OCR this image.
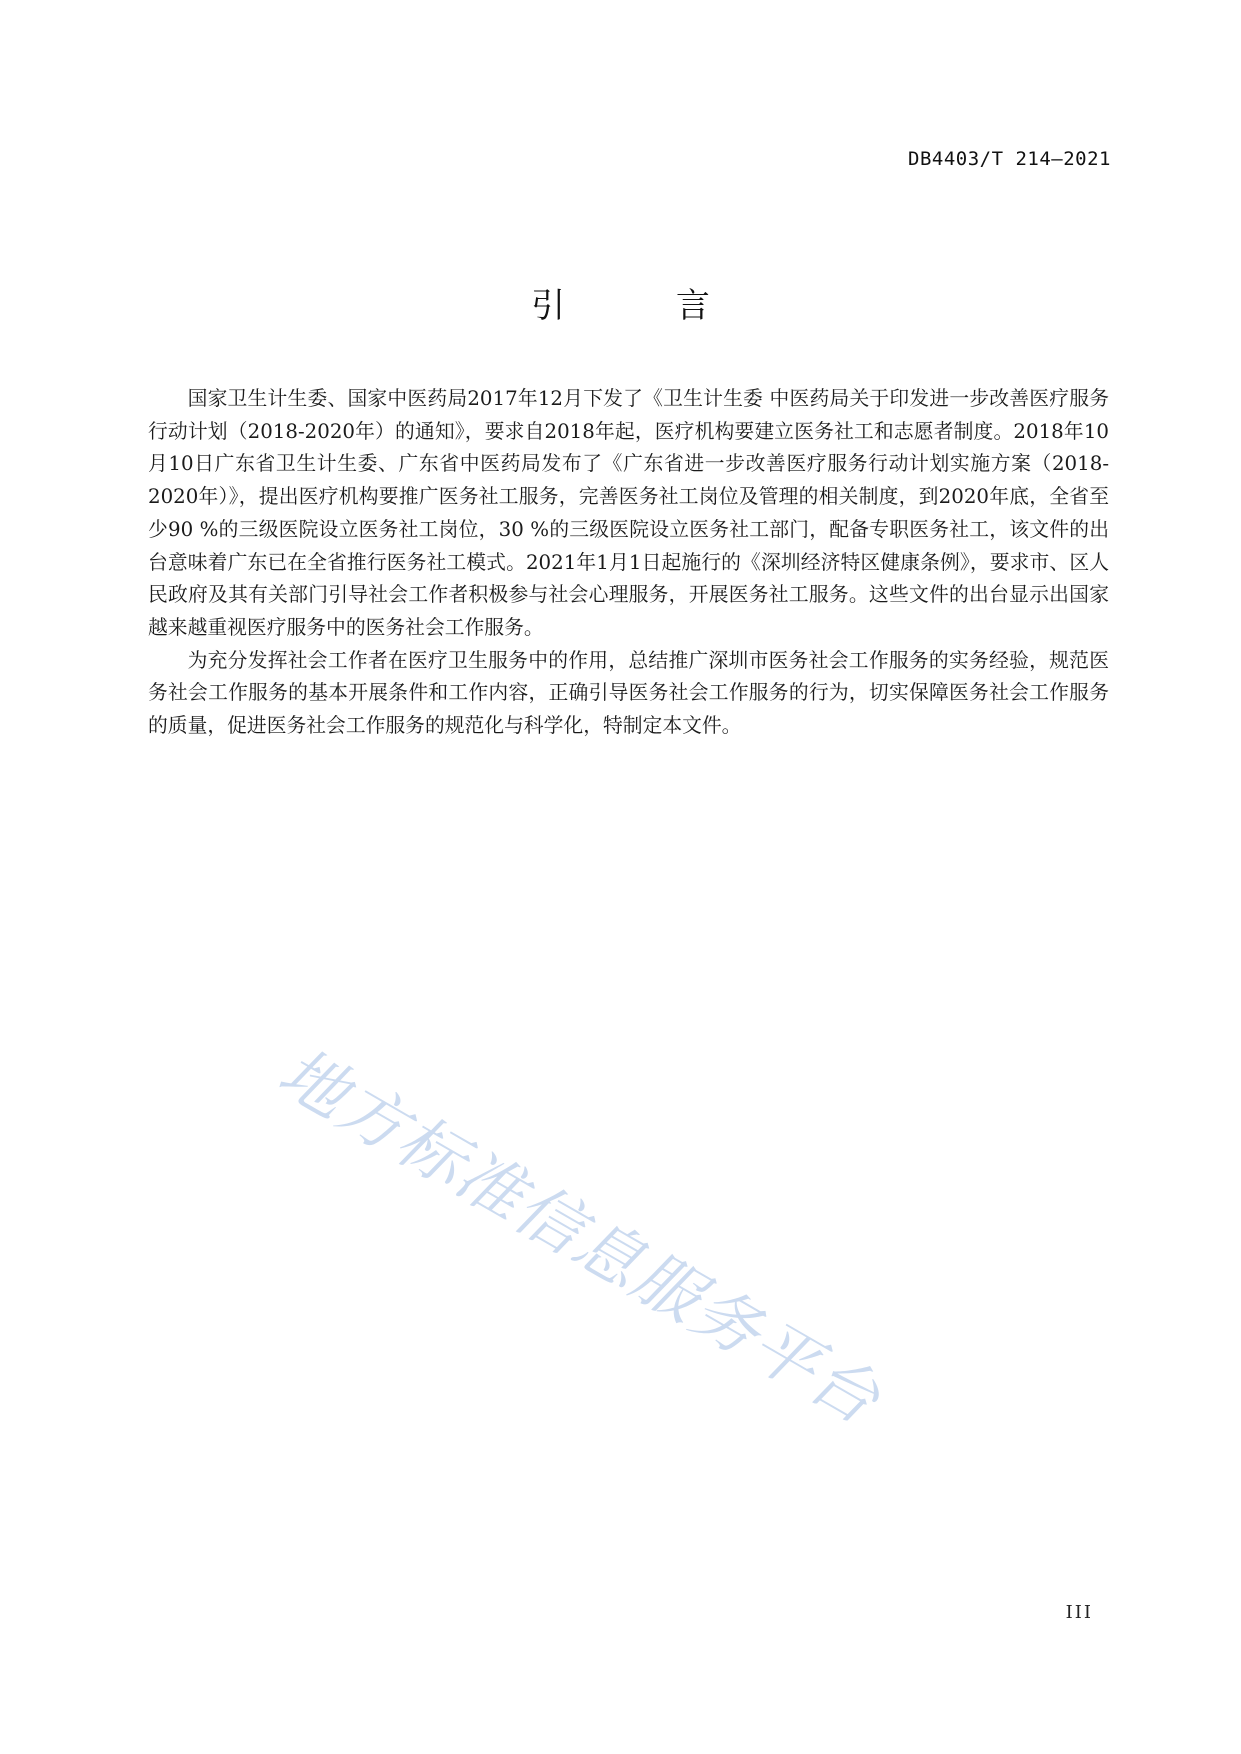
DB4403/T 214—2021
引 言

国家卫生计生委、国家中医药局2017年12月下发了《卫生计生委 中医药局关于印发进一步改善医疗服务行动计划（2018-2020年）的通知》，要求自2018年起，医疗机构要建立医务社工和志愿者制度。2018年10月10日广东省卫生计生委、广东省中医药局发布了《广东省进一步改善医疗服务行动计划实施方案（2018-2020年）》，提出医疗机构要推广医务社工服务，完善医务社工岗位及管理的相关制度，到2020年底，全省至少90 %的三级医院设立医务社工岗位，30 %的三级医院设立医务社工部门，配备专职医务社工，该文件的出台意味着广东已在全省推行医务社工模式。2021年1月1日起施行的《深圳经济特区健康条例》，要求市、区人民政府及其有关部门引导社会工作者积极参与社会心理服务，开展医务社工服务。这些文件的出台显示出国家越来越重视医疗服务中的医务社会工作服务。

为充分发挥社会工作者在医疗卫生服务中的作用，总结推广深圳市医务社会工作服务的实务经验，规范医务社会工作服务的基本开展条件和工作内容，正确引导医务社会工作服务的行为，切实保障医务社会工作服务的质量，促进医务社会工作服务的规范化与科学化，特制定本文件。

地方标准信息服务平台
III
